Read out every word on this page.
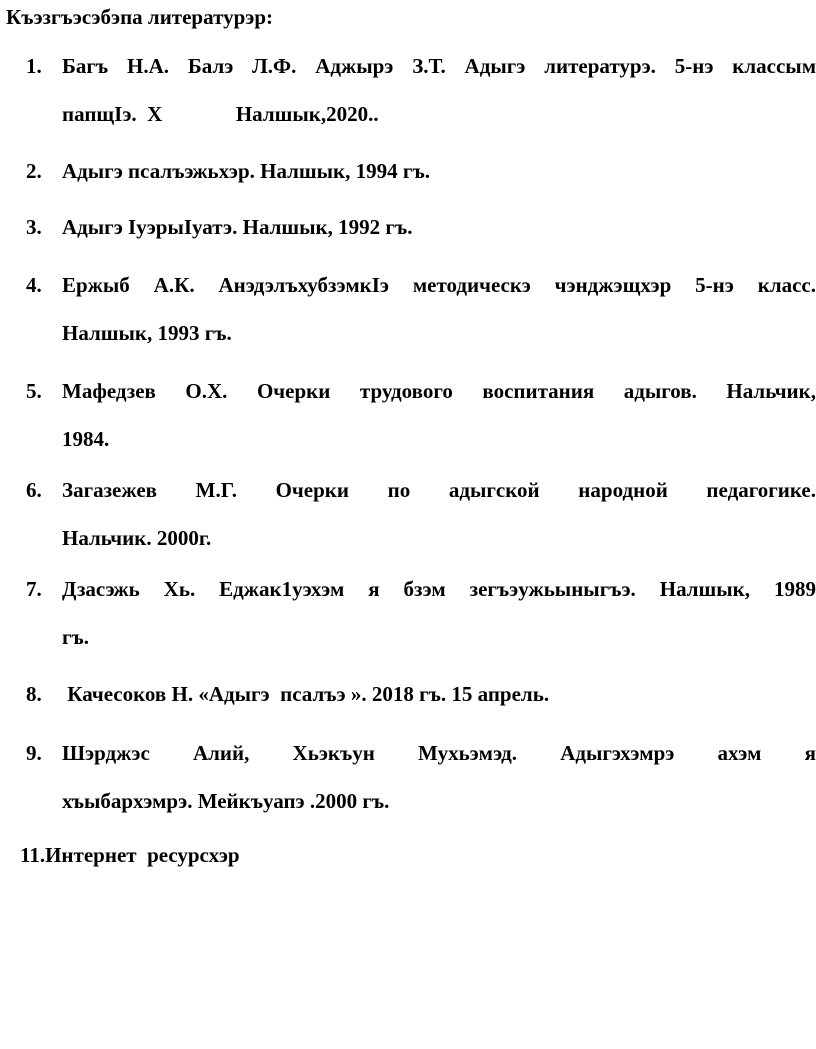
Къэзгъэсэбэпа литературэр:
1. Багъ Н.А. Балэ Л.Ф. Аджырэ З.Т. Адыгэ литературэ. 5-нэ классым
папщIэ.  Х              Налшык,2020..
2. Адыгэ псалъэжьхэр. Налшык, 1994 гъ.
3. Адыгэ IуэрыIуатэ. Налшык, 1992 гъ.
4. Ержыб А.К. АнэдэлъхубзэмкIэ методическэ чэнджэщхэр 5-нэ класс.
Налшык, 1993 гъ.
5. Мафедзев О.Х. Очерки трудового воспитания адыгов. Нальчик,
1984.
6. Загазежев М.Г. Очерки по адыгской народной педагогике.
Нальчик. 2000г.
7. Дзасэжь Хь. Еджак1уэхэм я бзэм зегъэужьыныгъэ. Налшык, 1989
гъ.
8. Качесоков Н. «Адыгэ  псалъэ ». 2018 гъ. 15 апрель.
9. Шэрджэс Алий, Хьэкъун Мухьэмэд. Адыгэхэмрэ ахэм я
хъыбархэмрэ. Мейкъуапэ .2000 гъ.
11.Интернет  ресурсхэр
